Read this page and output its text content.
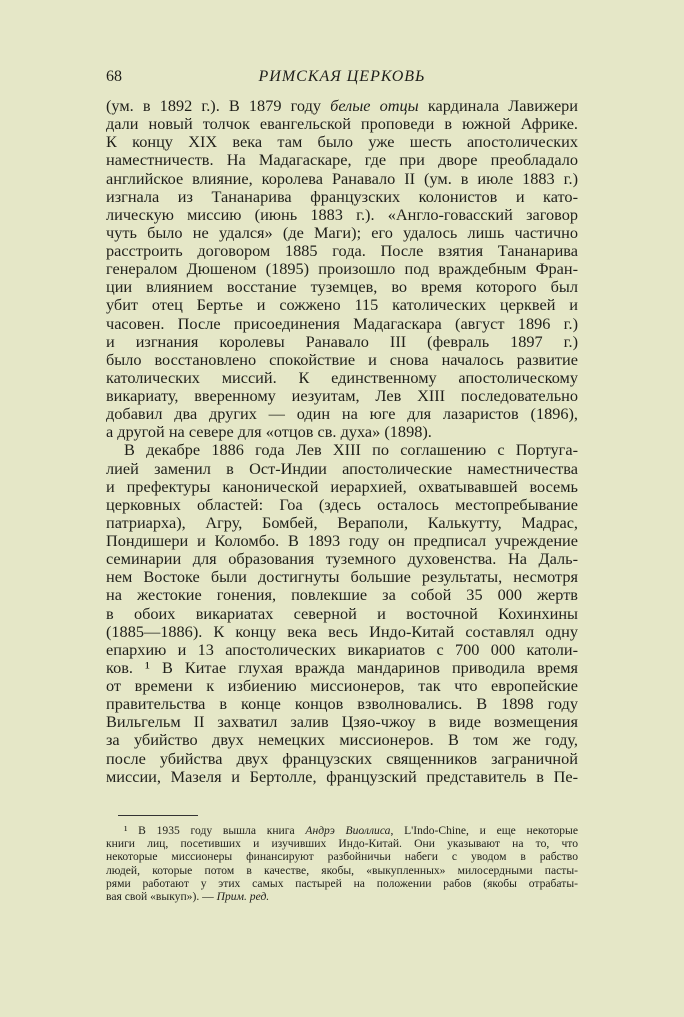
68	РИМСКАЯ ЦЕРКОВЬ
(ум. в 1892 г.). В 1879 году белые отцы кардинала Лавижери
дали новый толчок евангельской проповеди в южной Африке.
К концу XIX века там было уже шесть апостолических
наместничеств. На Мадагаскаре, где при дворе преобладало
английское влияние, королева Ранавало II (ум. в июле 1883 г.)
изгнала из Тананарива французских колонистов и като-
лическую миссию (июнь 1883 г.). «Англо-говасский заговор
чуть было не удался» (де Маги); его удалось лишь частично
расстроить договором 1885 года. После взятия Тананарива
генералом Дюшеном (1895) произошло под враждебным Фран-
ции влиянием восстание туземцев, во время которого был
убит отец Бертье и сожжено 115 католических церквей и
часовен. После присоединения Мадагаскара (август 1896 г.)
и изгнания королевы Ранавало III (февраль 1897 г.)
было восстановлено спокойствие и снова началось развитие
католических миссий. К единственному апостолическому
викариату, вверенному иезуитам, Лев XIII последовательно
добавил два других — один на юге для лазаристов (1896),
а другой на севере для «отцов св. духа» (1898).
В декабре 1886 года Лев XIII по соглашению с Португа-
лией заменил в Ост-Индии апостолические наместничества
и префектуры канонической иерархией, охватывавшей восемь
церковных областей: Гоа (здесь осталось местопребывание
патриарха), Агру, Бомбей, Вераполи, Калькутту, Мадрас,
Пондишери и Коломбо. В 1893 году он предписал учреждение
семинарии для образования туземного духовенства. На Даль-
нем Востоке были достигнуты большие результаты, несмотря
на жестокие гонения, повлекшие за собой 35 000 жертв
в обоих викариатах северной и восточной Кохинхины
(1885—1886). К концу века весь Индо-Китай составлял одну
епархию и 13 апостолических викариатов с 700 000 католи-
ков. ¹ В Китае глухая вражда мандаринов приводила время
от времени к избиению миссионеров, так что европейские
правительства в конце концов взволновались. В 1898 году
Вильгельм II захватил залив Цзяо-чжоу в виде возмещения
за убийство двух немецких миссионеров. В том же году,
после убийства двух французских священников заграничной
миссии, Мазеля и Бертолле, французский представитель в Пе-
¹ В 1935 году вышла книга Андрэ Виоллиса, L'Indo-Chine, и еще некоторые
книги лиц, посетивших и изучивших Индо-Китай. Они указывают на то, что
некоторые миссионеры финансируют разбойничьи набеги с уводом в рабство
людей, которые потом в качестве, якобы, «выкупленных» милосердными пасты-
рями работают у этих самых пастырей на положении рабов (якобы отрабаты-
вая свой «выкуп»). — Прим. ред.
